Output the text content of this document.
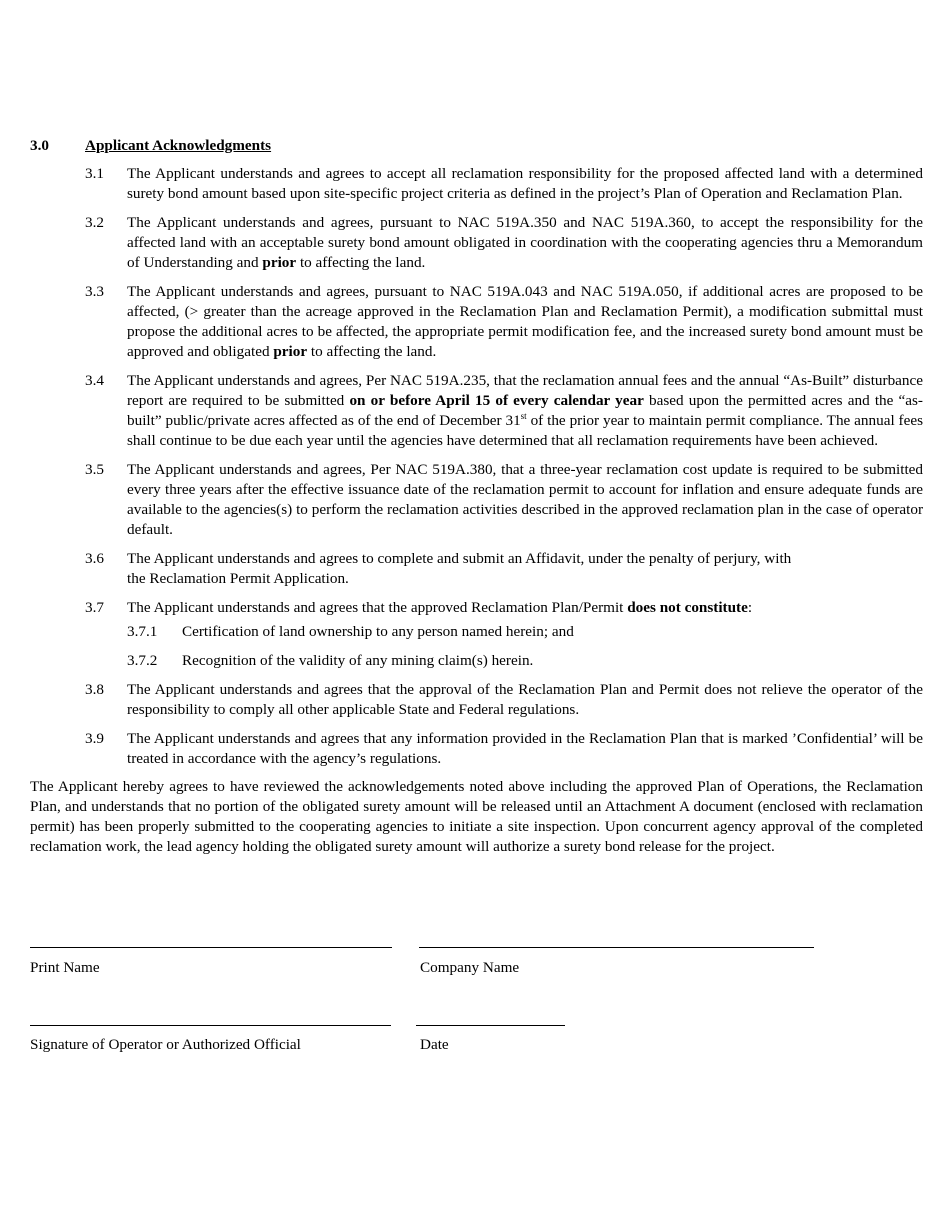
3.0	Applicant Acknowledgments
3.1	The Applicant understands and agrees to accept all reclamation responsibility for the proposed affected land with a determined surety bond amount based upon site-specific project criteria as defined in the project’s Plan of Operation and Reclamation Plan.
3.2	The Applicant understands and agrees, pursuant to NAC 519A.350 and NAC 519A.360, to accept the responsibility for the affected land with an acceptable surety bond amount obligated in coordination with the cooperating agencies thru a Memorandum of Understanding and prior to affecting the land.
3.3	The Applicant understands and agrees, pursuant to NAC 519A.043 and NAC 519A.050, if additional acres are proposed to be affected, (> greater than the acreage approved in the Reclamation Plan and Reclamation Permit), a modification submittal must propose the additional acres to be affected, the appropriate permit modification fee, and the increased surety bond amount must be approved and obligated prior to affecting the land.
3.4	The Applicant understands and agrees, Per NAC 519A.235, that the reclamation annual fees and the annual “As-Built” disturbance report are required to be submitted on or before April 15 of every calendar year based upon the permitted acres and the “as-built” public/private acres affected as of the end of December 31st of the prior year to maintain permit compliance. The annual fees shall continue to be due each year until the agencies have determined that all reclamation requirements have been achieved.
3.5	The Applicant understands and agrees, Per NAC 519A.380, that a three-year reclamation cost update is required to be submitted every three years after the effective issuance date of the reclamation permit to account for inflation and ensure adequate funds are available to the agencies(s) to perform the reclamation activities described in the approved reclamation plan in the case of operator default.
3.6	The Applicant understands and agrees to complete and submit an Affidavit, under the penalty of perjury, with
the Reclamation Permit Application.
3.7	The Applicant understands and agrees that the approved Reclamation Plan/Permit does not constitute:
3.7.1	Certification of land ownership to any person named herein; and
3.7.2	Recognition of the validity of any mining claim(s) herein.
3.8	The Applicant understands and agrees that the approval of the Reclamation Plan and Permit does not relieve the operator of the responsibility to comply all other applicable State and Federal regulations.
3.9	The Applicant understands and agrees that any information provided in the Reclamation Plan that is marked ’Confidential’ will be treated in accordance with the agency’s regulations.
The Applicant hereby agrees to have reviewed the acknowledgements noted above including the approved Plan of Operations, the Reclamation Plan, and understands that no portion of the obligated surety amount will be released until an Attachment A document (enclosed with reclamation permit) has been properly submitted to the cooperating agencies to initiate a site inspection. Upon concurrent agency approval of the completed reclamation work, the lead agency holding the obligated surety amount will authorize a surety bond release for the project.
Print Name	Company Name
Signature of Operator or Authorized Official	Date
